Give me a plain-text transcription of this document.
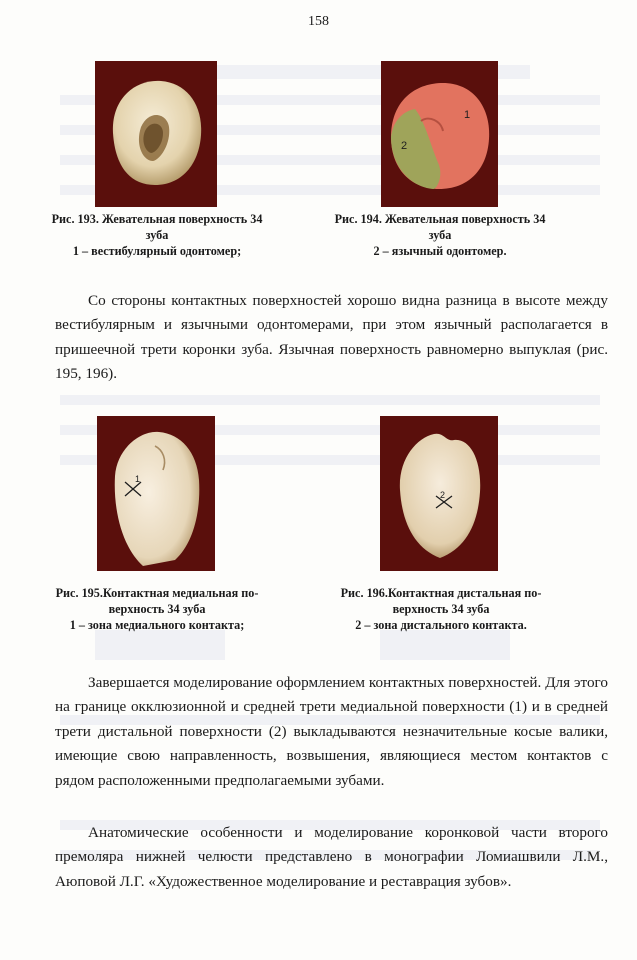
158
1
2
Рис. 193. Жевательная поверхность 34
зуба
1 – вестибулярный одонтомер;
Рис. 194. Жевательная поверхность 34
зуба
2 – язычный одонтомер.
Со стороны контактных поверхностей хорошо видна разница в высоте между вестибулярным и язычными одонтомерами, при этом язычный располагается в пришеечной трети коронки зуба. Язычная поверхность равномерно выпуклая (рис. 195, 196).
1
2
Рис. 195.Контактная медиальная по-
верхность 34 зуба
1 – зона медиального контакта;
Рис. 196.Контактная дистальная по-
верхность 34 зуба
2 – зона дистального контакта.
Завершается моделирование оформлением контактных поверхностей. Для этого на границе окклюзионной и средней трети медиальной поверхности (1) и в средней трети дистальной поверхности (2) выкладываются незначительные косые валики, имеющие свою направленность, возвышения, являющиеся местом контактов с рядом расположенными предполагаемыми зубами.
Анатомические особенности и моделирование коронковой части второго премоляра нижней челюсти представлено в монографии Ломиашвили Л.М., Аюповой Л.Г. «Художественное моделирование и реставрация зубов».
